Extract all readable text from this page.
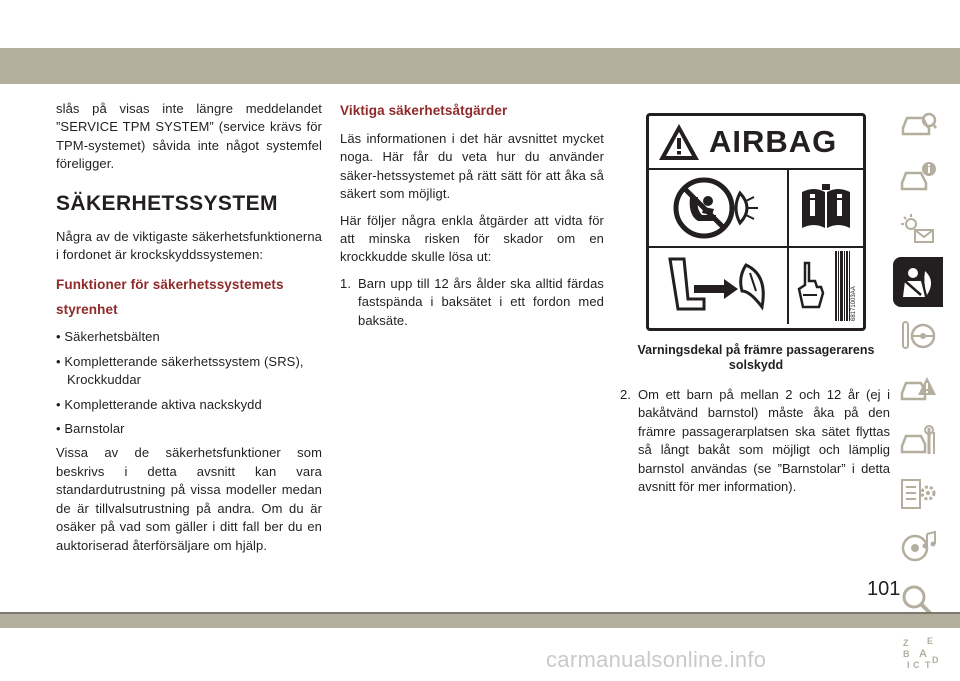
slås på visas inte längre meddelandet ”SERVICE TPM SYSTEM” (service krävs för TPM-systemet) såvida inte något systemfel föreligger.

SÄKERHETSSYSTEM

Några av de viktigaste säkerhetsfunktionerna i fordonet är krockskyddssystemen:

Funktioner för säkerhetssystemets styrenhet
• Säkerhetsbälten
• Kompletterande säkerhetssystem (SRS), Krockkuddar
• Kompletterande aktiva nackskydd
• Barnstolar

Vissa av de säkerhetsfunktioner som beskrivs i detta avsnitt kan vara standardutrustning på vissa modeller medan de är tillvalsutrustning på andra. Om du är osäker på vad som gäller i ditt fall ber du en auktoriserad återförsäljare om hjälp.

Viktiga säkerhetsåtgärder

Läs informationen i det här avsnittet mycket noga. Här får du veta hur du använder säker-hetssystemet på rätt sätt för att åka så säkert som möjligt.

Här följer några enkla åtgärder att vidta för att minska risken för skador om en krockkudde skulle lösa ut:

1. Barn upp till 12 års ålder ska alltid färdas fastspända i baksätet i ett fordon med baksäte.
AIRBAG
68171003AA
Varningsdekal på främre passagerarens solskydd
2. Om ett barn på mellan 2 och 12 år (ej i bakåtvänd barnstol) måste åka på den främre passagerarplatsen ska sätet flyttas så långt bakåt som möjligt och lämplig barnstol användas (se ”Barnstolar” i detta avsnitt för mer information).
Z E
B A
I C T D
101
carmanualsonline.info
